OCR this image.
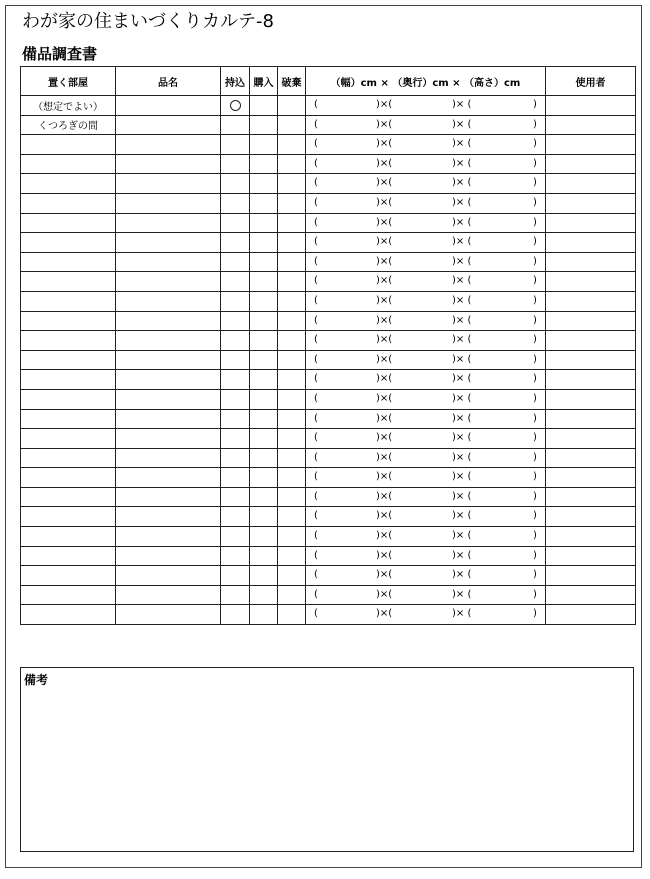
わが家の住まいづくりカルテ-8
備品調査書
置く部屋	品名	持込	購入	破棄	（幅）cm × （奥行）cm × （高さ）cm	使用者
（想定でよい）					( )×( )× ( )	

くつろぎの間					( )×( )× ( )	

					( )×( )× ( )	

					( )×( )× ( )	

					( )×( )× ( )	

					( )×( )× ( )	

					( )×( )× ( )	

					( )×( )× ( )	

					( )×( )× ( )	

					( )×( )× ( )	

					( )×( )× ( )	

					( )×( )× ( )	

					( )×( )× ( )	

					( )×( )× ( )	

					( )×( )× ( )	

					( )×( )× ( )	

					( )×( )× ( )	

					( )×( )× ( )	

					( )×( )× ( )	

					( )×( )× ( )	

					( )×( )× ( )	

					( )×( )× ( )	

					( )×( )× ( )	

					( )×( )× ( )	

					( )×( )× ( )	

					( )×( )× ( )	

					( )×( )× ( )	

備考
